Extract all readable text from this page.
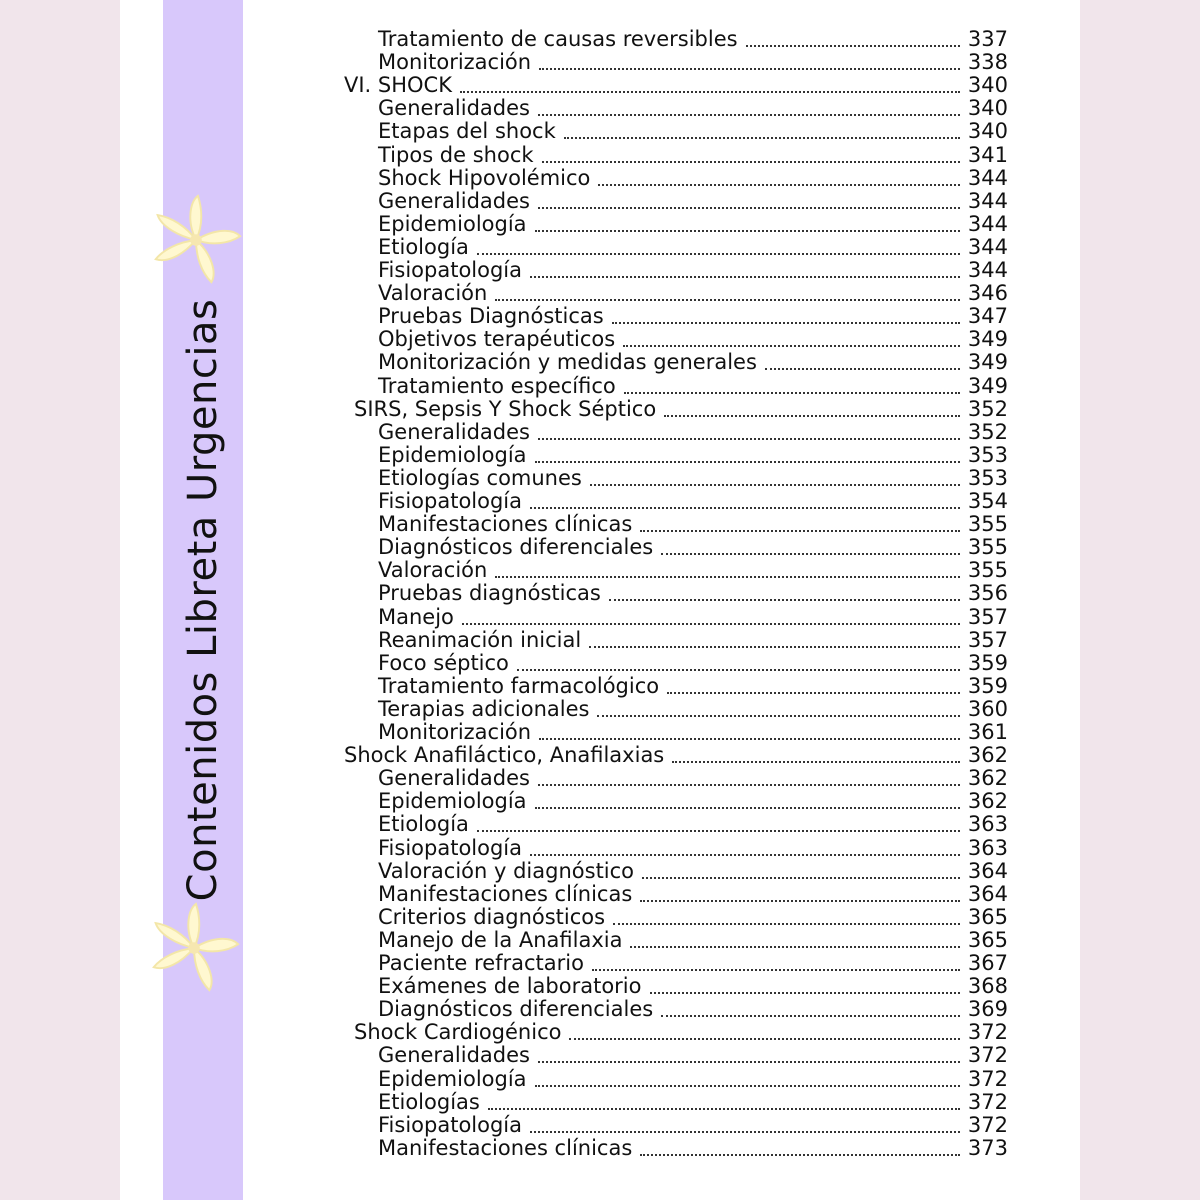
Contenidos Libreta Urgencias
Tratamiento de causas reversibles	337
Monitorización	338
VI. SHOCK	340
Generalidades	340
Etapas del shock	340
Tipos de shock	341
Shock Hipovolémico	344
Generalidades	344
Epidemiología	344
Etiología	344
Fisiopatología	344
Valoración	346
Pruebas Diagnósticas	347
Objetivos terapéuticos	349
Monitorización y medidas generales	349
Tratamiento específico	349
SIRS, Sepsis Y Shock Séptico	352
Generalidades	352
Epidemiología	353
Etiologías comunes	353
Fisiopatología	354
Manifestaciones clínicas	355
Diagnósticos diferenciales	355
Valoración	355
Pruebas diagnósticas	356
Manejo	357
Reanimación inicial	357
Foco séptico	359
Tratamiento farmacológico	359
Terapias adicionales	360
Monitorización	361
Shock Anafiláctico, Anafilaxias	362
Generalidades	362
Epidemiología	362
Etiología	363
Fisiopatología	363
Valoración y diagnóstico	364
Manifestaciones clínicas	364
Criterios diagnósticos	365
Manejo de la Anafilaxia	365
Paciente refractario	367
Exámenes de laboratorio	368
Diagnósticos diferenciales	369
Shock Cardiogénico	372
Generalidades	372
Epidemiología	372
Etiologías	372
Fisiopatología	372
Manifestaciones clínicas	373
